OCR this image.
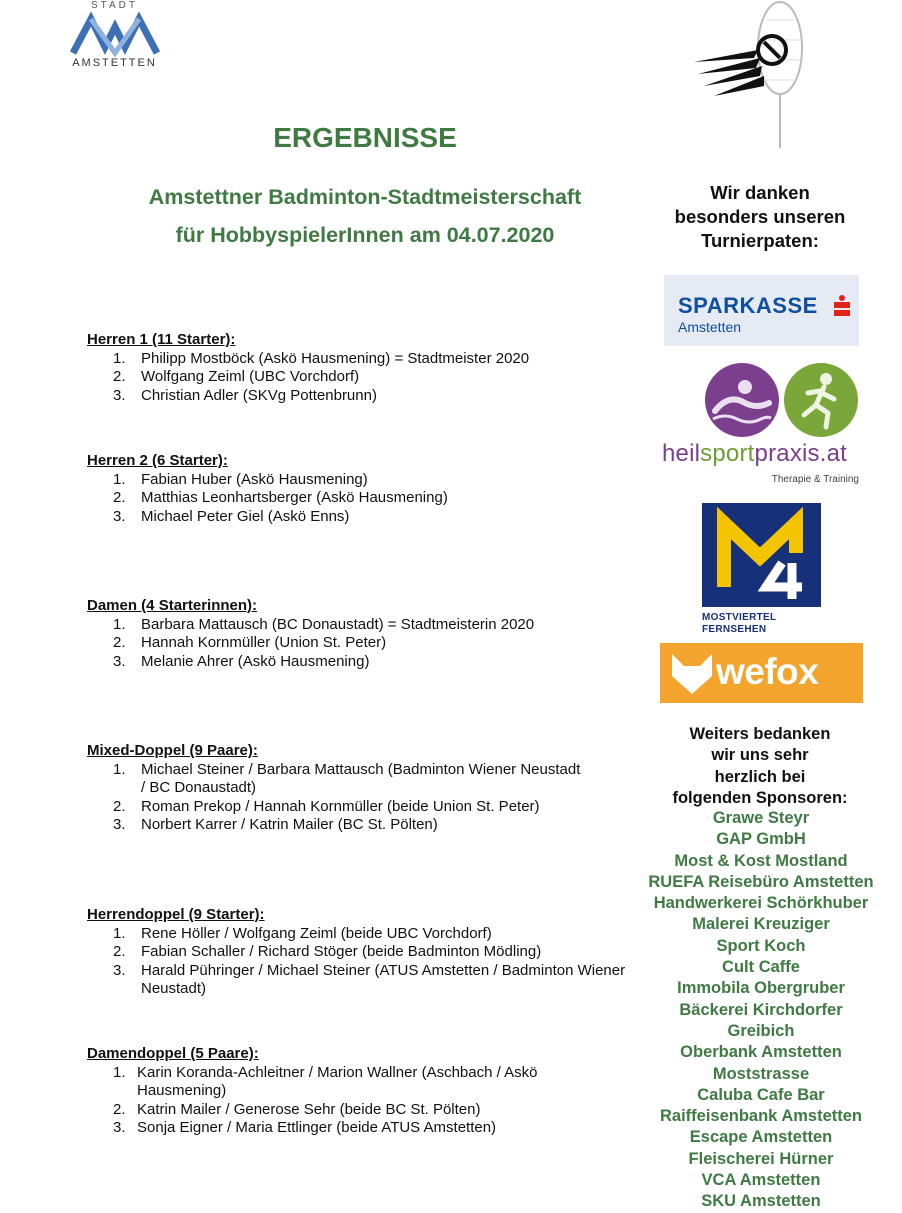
STADT
AMSTETTEN
ERGEBNISSE
Amstettner Badminton-Stadtmeisterschaft
für HobbyspielerInnen am 04.07.2020
Herren 1 (11 Starter):
1. Philipp Mostböck (Askö Hausmening) = Stadtmeister 2020
2. Wolfgang Zeiml (UBC Vorchdorf)
3. Christian Adler (SKVg Pottenbrunn)
Herren 2 (6 Starter):
1. Fabian Huber (Askö Hausmening)
2. Matthias Leonhartsberger (Askö Hausmening)
3. Michael Peter Giel (Askö Enns)
Damen (4 Starterinnen):
1. Barbara Mattausch (BC Donaustadt) = Stadtmeisterin 2020
2. Hannah Kornmüller (Union St. Peter)
3. Melanie Ahrer (Askö Hausmening)
Mixed-Doppel (9 Paare):
1. Michael Steiner / Barbara Mattausch (Badminton Wiener Neustadt / BC Donaustadt)
2. Roman Prekop / Hannah Kornmüller (beide Union St. Peter)
3. Norbert Karrer / Katrin Mailer (BC St. Pölten)
Herrendoppel (9 Starter):
1. Rene Höller / Wolfgang Zeiml (beide UBC Vorchdorf)
2. Fabian Schaller / Richard Stöger (beide Badminton Mödling)
3. Harald Pühringer / Michael Steiner (ATUS Amstetten / Badminton Wiener Neustadt)
Damendoppel (5 Paare):
1. Karin Koranda-Achleitner / Marion Wallner (Aschbach / Askö Hausmening)
2. Katrin Mailer / Generose Sehr (beide BC St. Pölten)
3. Sonja Eigner / Maria Ettlinger (beide ATUS Amstetten)
Wir danken
besonders unseren
Turnierpaten:
SPARKASSE
Amstetten
heilsportpraxis.at
Therapie & Training
MOSTVIERTEL
FERNSEHEN
wefox
Weiters bedanken
wir uns sehr
herzlich bei
folgenden Sponsoren:
Grawe Steyr
GAP GmbH
Most & Kost Mostland
RUEFA Reisebüro Amstetten
Handwerkerei Schörkhuber
Malerei Kreuziger
Sport Koch
Cult Caffe
Immobila Obergruber
Bäckerei Kirchdorfer
Greibich
Oberbank Amstetten
Moststrasse
Caluba Cafe Bar
Raiffeisenbank Amstetten
Escape Amstetten
Fleischerei Hürner
VCA Amstetten
SKU Amstetten
